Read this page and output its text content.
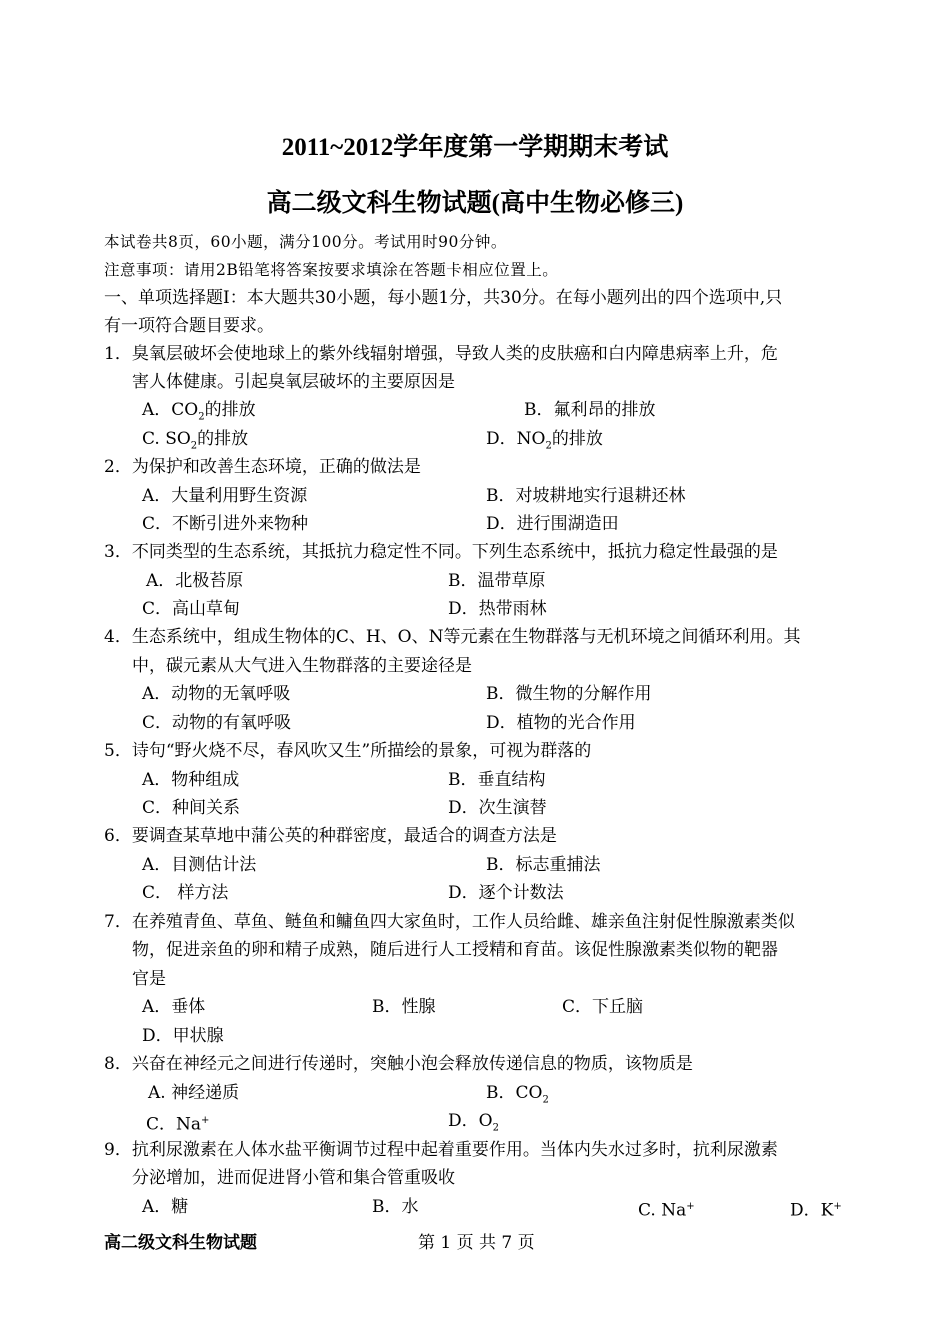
2011~2012学年度第一学期期末考试
高二级文科生物试题(高中生物必修三)
本试卷共8页，60小题，满分100分。考试用时90分钟。
注意事项：请用2B铅笔将答案按要求填涂在答题卡相应位置上。
一、单项选择题I：本大题共30小题，每小题1分，共30分。在每小题列出的四个选项中,只
有一项符合题目要求。
1．臭氧层破坏会使地球上的紫外线辐射增强，导致人类的皮肤癌和白内障患病率上升，危
害人体健康。引起臭氧层破坏的主要原因是
A．$CO_2$的排放	B．氟利昂的排放
C. $SO_2$的排放	D．$NO_2$的排放
2．为保护和改善生态环境，正确的做法是
A．大量利用野生资源	B．对坡耕地实行退耕还林
C．不断引进外来物种	D．进行围湖造田
3．不同类型的生态系统，其抵抗力稳定性不同。下列生态系统中，抵抗力稳定性最强的是
A．北极苔原	B．温带草原
C．高山草甸	D．热带雨林
4．生态系统中，组成生物体的C、H、O、N等元素在生物群落与无机环境之间循环利用。其
中，碳元素从大气进入生物群落的主要途径是
A．动物的无氧呼吸	B．微生物的分解作用
C．动物的有氧呼吸	D．植物的光合作用
5．诗句“野火烧不尽，春风吹又生”所描绘的景象，可视为群落的
A．物种组成	B．垂直结构
C．种间关系	D．次生演替
6．要调查某草地中蒲公英的种群密度，最适合的调查方法是
A．目测估计法	B．标志重捕法
C． 样方法	D．逐个计数法
7．在养殖青鱼、草鱼、鲢鱼和鳙鱼四大家鱼时，工作人员给雌、雄亲鱼注射促性腺激素类似
物，促进亲鱼的卵和精子成熟，随后进行人工授精和育苗。该促性腺激素类似物的靶器
官是
A．垂体	B．性腺	C．下丘脑
D．甲状腺
8．兴奋在神经元之间进行传递时，突触小泡会释放传递信息的物质，该物质是
A. 神经递质	B．$CO_2$
C．Na+	D．$O_2$
9．抗利尿激素在人体水盐平衡调节过程中起着重要作用。当体内失水过多时，抗利尿激素
分泌增加，进而促进肾小管和集合管重吸收
A．糖	B．水	C. Na+	D．K+
高二级文科生物试题	第 1 页 共 7 页
